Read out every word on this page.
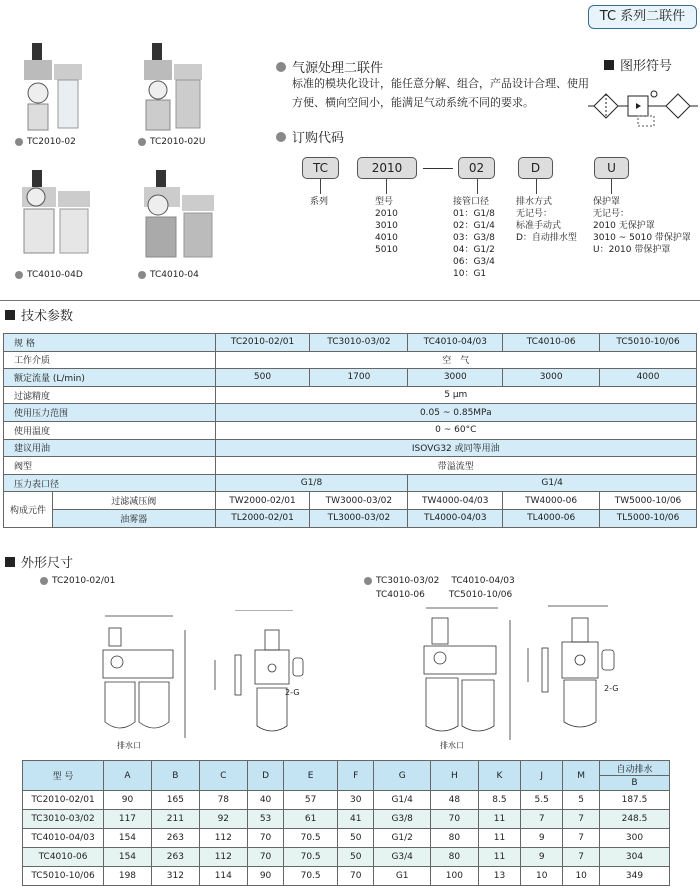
TC 系列二联件
TC2010-02	TC2010-02U
TC4010-04D	TC4010-04
气源处理二联件
标准的模块化设计，能任意分解、组合，产品设计合理、使用方便、横向空间小，能满足气动系统不同的要求。
图形符号
订购代码
TC	2010	02	D	U
系列	型号
2010
3010
4010
5010
接管口径
01：G1/8
02：G1/4
03：G3/8
04：G1/2
06：G3/4
10：G1
排水方式
无记号：
标准手动式
D：自动排水型
保护罩
无记号：
2010 无保护罩
3010 ~ 5010 带保护罩
U：2010 带保护罩
技术参数
规 格		TC2010-02/01	TC3010-03/02	TC4010-04/03	TC4010-06	TC5010-10/06
工作介质		空　气				
额定流量 (L/min)		500	1700	3000	3000	4000
过滤精度		5 μm				
使用压力范围		0.05 ~ 0.85MPa				
使用温度		0 ~ 60°C				
建议用油		ISOVG32 或同等用油				
阀型		带溢流型				
压力表口径		G1/8		G1/4		
构成元件	过滤减压阀	TW2000-02/01	TW3000-03/02	TW4000-04/03	TW4000-06	TW5000-10/06
	油雾器	TL2000-02/01	TL3000-03/02	TL4000-04/03	TL4000-06	TL5000-10/06
外形尺寸
TC2010-02/01	TC3010-03/02 TC4010-04/03
TC4010-06	TC5010-10/06
排水口
2-G
排水口
2-G
型 号	A	B	C	D	E	F	G	H	K	J	M	自动排水
												B
TC2010-02/01	90	165	78	40	57	30	G1/4	48	8.5	5.5	5	187.5
TC3010-03/02	117	211	92	53	61	41	G3/8	70	11	7	7	248.5
TC4010-04/03	154	263	112	70	70.5	50	G1/2	80	11	9	7	300
TC4010-06	154	263	112	70	70.5	50	G3/4	80	11	9	7	304
TC5010-10/06	198	312	114	90	70.5	70	G1	100	13	10	10	349
